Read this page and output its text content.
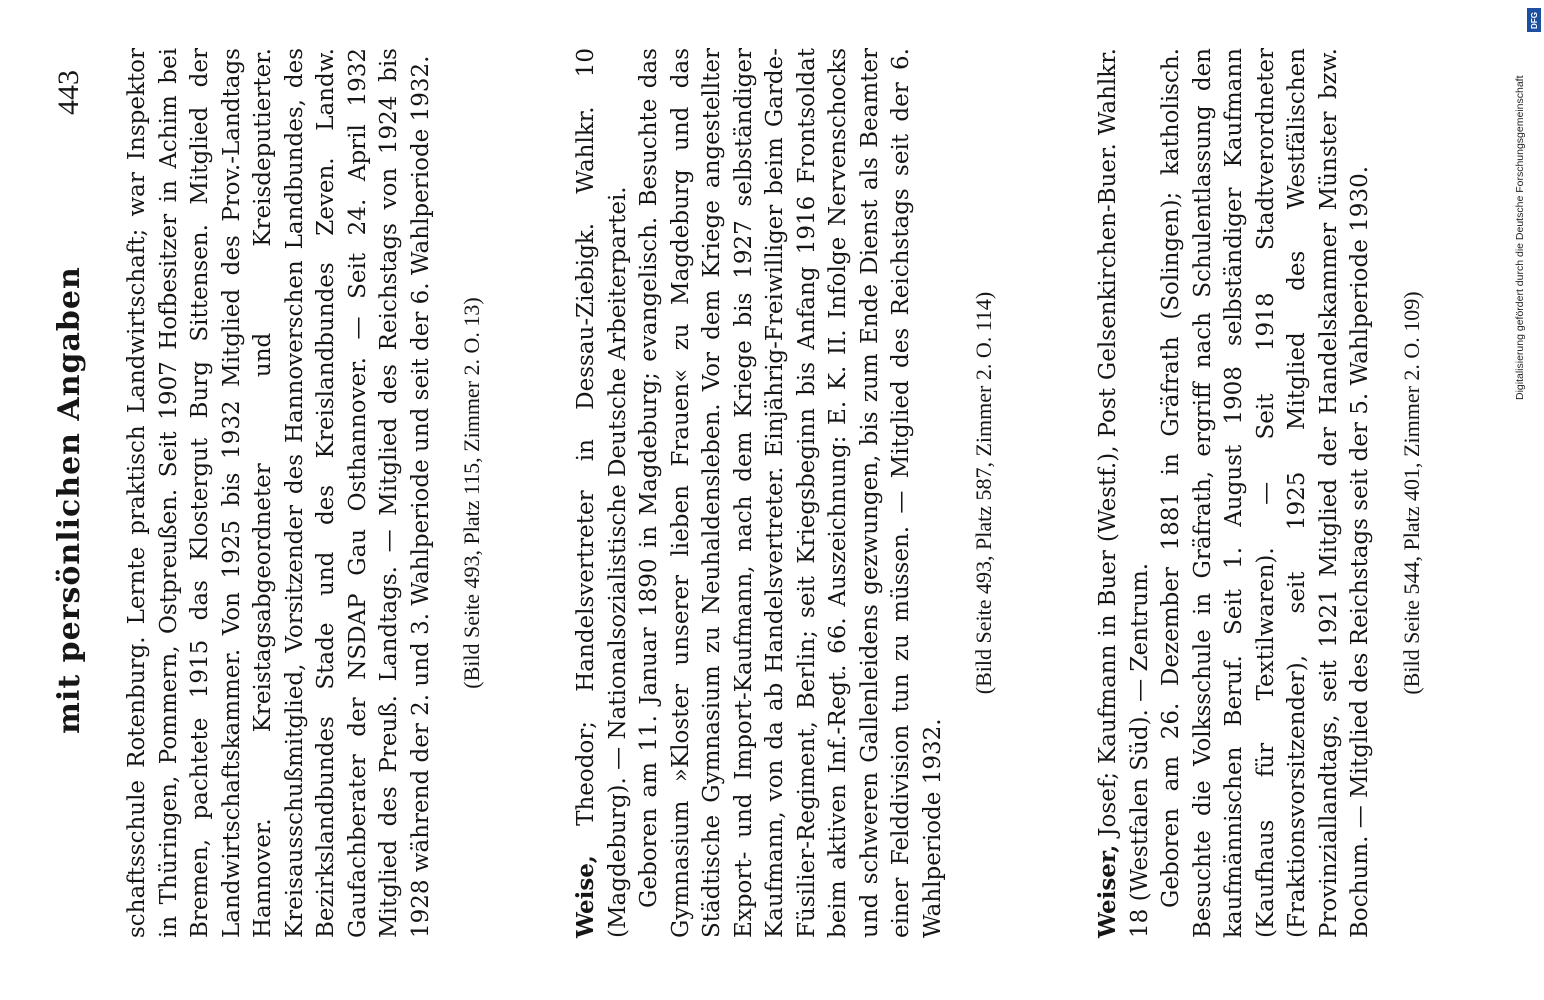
mit persönlichen Angaben
443 schaftsschule Rotenburg. Lernte praktisch Landwirtschaft; war Inspektor in Thüringen, Pommern, Ostpreußen. Seit 1907 Hofbesitzer in Achim bei Bremen, pachtete 1915 das Klostergut Burg Sittensen. Mitglied der Landwirtschaftskammer. Von 1925 bis 1932 Mitglied des Prov.-Landtags Hannover. Kreistagsabgeordneter und Kreisdeputierter. Kreisausschußmitglied, Vorsitzender des Hannoverschen Landbundes, des Bezirkslandbundes Stade und des Kreislandbundes Zeven. Landw. Gaufachberater der NSDAP Gau Osthannover. — Seit 24. April 1932 Mitglied des Preuß. Landtags. — Mitglied des Reichstags von 1924 bis 1928 während der 2. und 3. Wahlperiode und seit der 6. Wahlperiode 1932. (Bild Seite 493, Platz 115, Zimmer 2. O. 13)

Weise, Theodor; Handelsvertreter in Dessau-Ziebigk. Wahlkr. 10 (Magdeburg). — Nationalsozialistische Deutsche Arbeiterpartei. Geboren am 11. Januar 1890 in Magdeburg; evangelisch. Besuchte das Gymnasium »Kloster unserer lieben Frauen« zu Magdeburg und das Städtische Gymnasium zu Neuhaldensleben. Vor dem Kriege angestellter Export- und Import-Kaufmann, nach dem Kriege bis 1927 selbständiger Kaufmann, von da ab Handelsvertreter. Einjährig-Freiwilliger beim Garde-Füsilier-Regiment, Berlin; seit Kriegsbeginn bis Anfang 1916 Frontsoldat beim aktiven Inf.-Regt. 66. Auszeichnung: E. K. II. Infolge Nervenschocks und schweren Gallenleidens gezwungen, bis zum Ende Dienst als Beamter einer Felddivision tun zu müssen. — Mitglied des Reichstags seit der 6. Wahlperiode 1932.

(Bild Seite 493, Platz 587, Zimmer 2. O. 114)

Weiser, Josef; Kaufmann in Buer (Westf.), Post Gelsenkirchen-Buer. Wahlkr. 18 (Westfalen Süd). — Zentrum. Geboren am 26. Dezember 1881 in Gräfrath (Solingen); katholisch. Besuchte die Volksschule in Gräfrath, ergriff nach Schulentlassung den kaufmännischen Beruf. Seit 1. August 1908 selbständiger Kaufmann (Kaufhaus für Textilwaren). — Seit 1918 Stadtverordneter (Fraktionsvorsitzender), seit 1925 Mitglied des Westfälischen Provinziallandtags, seit 1921 Mitglied der Handelskammer Münster bzw. Bochum. — Mitglied des Reichstags seit der 5. Wahlperiode 1930. (Bild Seite 544, Platz 401, Zimmer 2. O. 109)
Digitalisierung gefördert durch die Deutsche Forschungsgemeinschaft
DFG
